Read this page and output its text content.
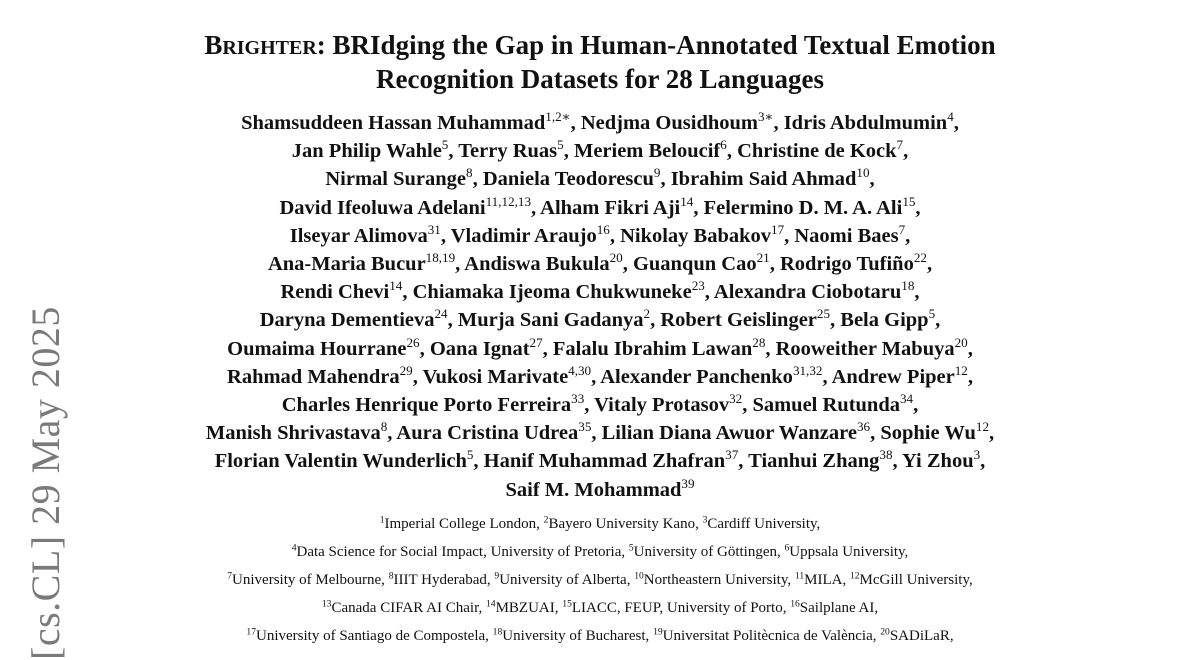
[cs.CL] 29 May 2025
BRIGHTER: BRIdging the Gap in Human-Annotated Textual Emotion
Recognition Datasets for 28 Languages
Shamsuddeen Hassan Muhammad$^{1,2∗}$, Nedjma Ousidhoum$^{3∗}$, Idris Abdulmumin$^4$,
Jan Philip Wahle$^5$, Terry Ruas$^5$, Meriem Beloucif$^6$, Christine de Kock$^7$,
Nirmal Surange$^8$, Daniela Teodorescu$^9$, Ibrahim Said Ahmad$^{10}$,
David Ifeoluwa Adelani$^{11,12,13}$, Alham Fikri Aji$^{14}$, Felermino D. M. A. Ali$^{15}$,
Ilseyar Alimova$^{31}$, Vladimir Araujo$^{16}$, Nikolay Babakov$^{17}$, Naomi Baes$^7$,
Ana-Maria Bucur$^{18,19}$, Andiswa Bukula$^{20}$, Guanqun Cao$^{21}$, Rodrigo Tufiño$^{22}$,
Rendi Chevi$^{14}$, Chiamaka Ijeoma Chukwuneke$^{23}$, Alexandra Ciobotaru$^{18}$,
Daryna Dementieva$^{24}$, Murja Sani Gadanya$^2$, Robert Geislinger$^{25}$, Bela Gipp$^5$,
Oumaima Hourrane$^{26}$, Oana Ignat$^{27}$, Falalu Ibrahim Lawan$^{28}$, Rooweither Mabuya$^{20}$,
Rahmad Mahendra$^{29}$, Vukosi Marivate$^{4,30}$, Alexander Panchenko$^{31,32}$, Andrew Piper$^{12}$,
Charles Henrique Porto Ferreira$^{33}$, Vitaly Protasov$^{32}$, Samuel Rutunda$^{34}$,
Manish Shrivastava$^8$, Aura Cristina Udrea$^{35}$, Lilian Diana Awuor Wanzare$^{36}$, Sophie Wu$^{12}$,
Florian Valentin Wunderlich$^5$, Hanif Muhammad Zhafran$^{37}$, Tianhui Zhang$^{38}$, Yi Zhou$^3$,
Saif M. Mohammad$^{39}$
$^1$Imperial College London, $^2$Bayero University Kano, $^3$Cardiff University,
$^4$Data Science for Social Impact, University of Pretoria, $^5$University of Göttingen, $^6$Uppsala University,
$^7$University of Melbourne, $^8$IIIT Hyderabad, $^9$University of Alberta, $^{10}$Northeastern University, $^{11}$MILA, $^{12}$McGill University,
$^{13}$Canada CIFAR AI Chair, $^{14}$MBZUAI, $^{15}$LIACC, FEUP, University of Porto, $^{16}$Sailplane AI,
$^{17}$University of Santiago de Compostela, $^{18}$University of Bucharest, $^{19}$Universitat Politècnica de València, $^{20}$SADiLaR,
